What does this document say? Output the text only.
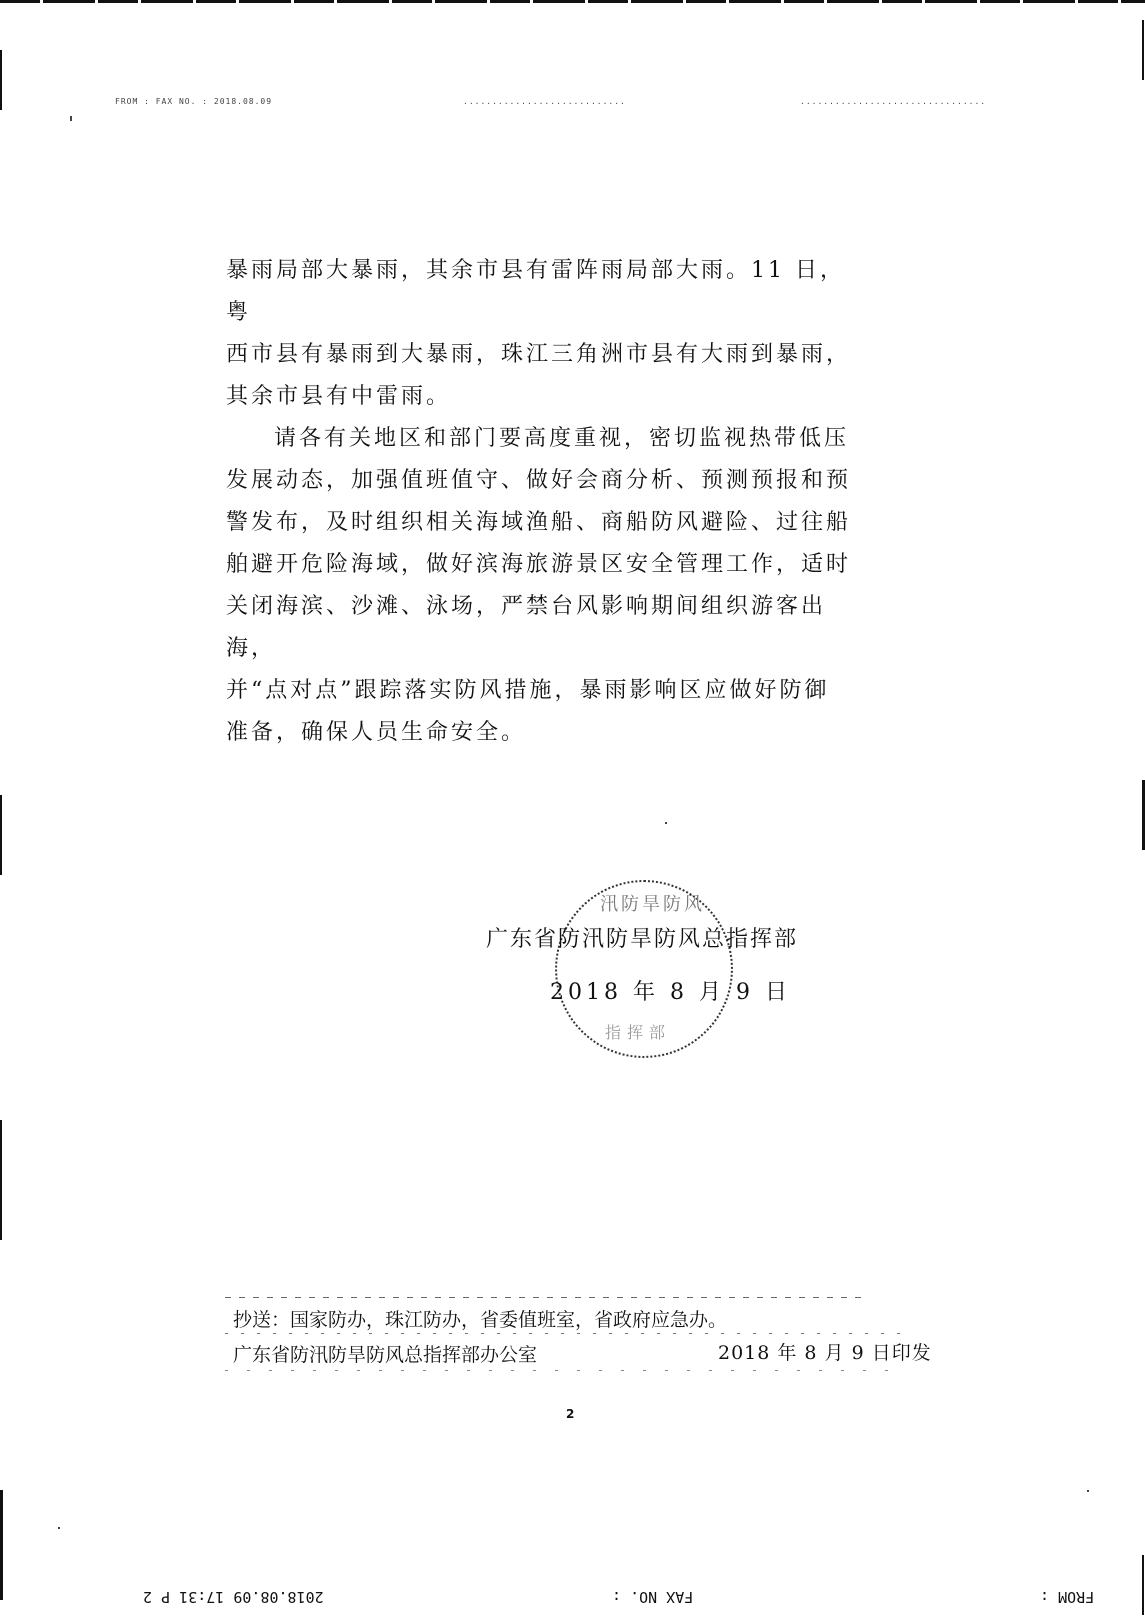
FROM : FAX NO. : 2018.08.09	............................	................................

暴雨局部大暴雨，其余市县有雷阵雨局部大雨。11 日，粤

西市县有暴雨到大暴雨，珠江三角洲市县有大雨到暴雨，

其余市县有中雷雨。

请各有关地区和部门要高度重视，密切监视热带低压

发展动态，加强值班值守、做好会商分析、预测预报和预

警发布，及时组织相关海域渔船、商船防风避险、过往船

舶避开危险海域，做好滨海旅游景区安全管理工作，适时

关闭海滨、沙滩、泳场，严禁台风影响期间组织游客出海，

并“点对点”跟踪落实防风措施，暴雨影响区应做好防御

准备，确保人员生命安全。

汛防旱防风
指挥部
广东省防汛防旱防风总指挥部
2018 年 8 月 9 日
抄送：国家防办，珠江防办，省委值班室，省政府应急办。
广东省防汛防旱防风总指挥部办公室	2018 年 8 月 9 日印发
2
2018.08.09 17:31 P 2	FAX NO. :	FROM :
